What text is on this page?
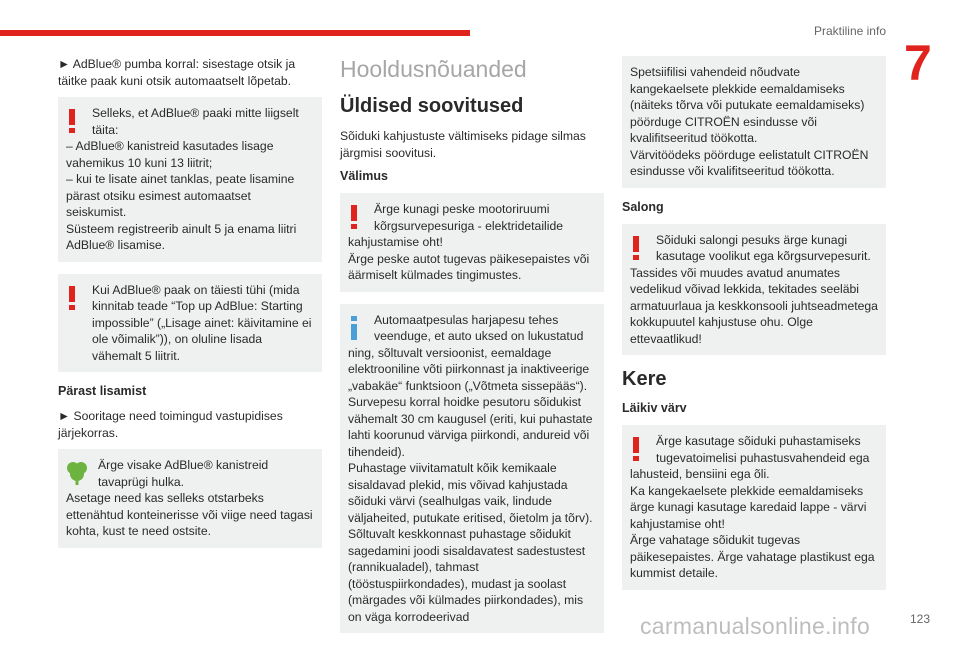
Praktiline info
7

► AdBlue® pumba korral: sisestage otsik ja täitke paak kuni otsik automaatselt lõpetab.

Selleks, et AdBlue® paaki mitte liigselt täita:

– AdBlue® kanistreid kasutades lisage vahemikus 10 kuni 13 liitrit;
– kui te lisate ainet tanklas, peate lisamine pärast otsiku esimest automaatset seiskumist.
Süsteem registreerib ainult 5 ja enama liitri AdBlue® lisamise.

Kui AdBlue® paak on täiesti tühi (mida kinnitab teade “Top up AdBlue: Starting impossible” („Lisage ainet: käivitamine ei ole võimalik”)), on oluline lisada vähemalt 5 liitrit.

Pärast lisamist

► Sooritage need toimingud vastupidises järjekorras.

Ärge visake AdBlue® kanistreid tavaprügi hulka.

Asetage need kas selleks otstarbeks ettenähtud konteinerisse või viige need tagasi kohta, kust te need ostsite.

Hooldusnõuanded
Üldised soovitused

Sõiduki kahjustuste vältimiseks pidage silmas järgmisi soovitusi.

Välimus

Ärge kunagi peske mootoriruumi kõrgsurvepesuriga - elektridetailide

kahjustamise oht!
Ärge peske autot tugevas päikesepaistes või äärmiselt külmades tingimustes.

Automaatpesulas harjapesu tehes veenduge, et auto uksed on lukustatud

ning, sõltuvalt versioonist, eemaldage elektrooniline võti piirkonnast ja inaktiveerige „vabakäe“ funktsioon („Võtmeta sissepääs“).
Survepesu korral hoidke pesutoru sõidukist vähemalt 30 cm kaugusel (eriti, kui puhastate lahti koorunud värviga piirkondi, andureid või tihendeid).
Puhastage viivitamatult kõik kemikaale sisaldavad plekid, mis võivad kahjustada sõiduki värvi (sealhulgas vaik, lindude väljaheited, putukate eritised, õietolm ja tõrv).
Sõltuvalt keskkonnast puhastage sõidukit sagedamini joodi sisaldavatest sadestustest (rannikualadel), tahmast (tööstuspiirkondades), mudast ja soolast (märgades või külmades piirkondades), mis on väga korrodeerivad

Spetsiifilisi vahendeid nõudvate kangekaelsete plekkide eemaldamiseks (näiteks tõrva või putukate eemaldamiseks) pöörduge CITROËN esindusse või kvalifitseeritud töökotta.
Värvitöödeks pöörduge eelistatult CITROËN esindusse või kvalifitseeritud töökotta.

Salong

Sõiduki salongi pesuks ärge kunagi kasutage voolikut ega kõrgsurvepesurit.

Tassides või muudes avatud anumates vedelikud võivad lekkida, tekitades seeläbi armatuurlaua ja keskkonsooli juhtseadmetega kokkupuutel kahjustuse ohu. Olge ettevaatlikud!

Kere
Läikiv värv

Ärge kasutage sõiduki puhastamiseks tugevatoimelisi puhastusvahendeid ega

lahusteid, bensiini ega õli.
Ka kangekaelsete plekkide eemaldamiseks ärge kunagi kasutage karedaid lappe - värvi kahjustamise oht!
Ärge vahatage sõidukit tugevas päikesepaistes. Ärge vahatage plastikust ega kummist detaile.

carmanualsonline.info	123
